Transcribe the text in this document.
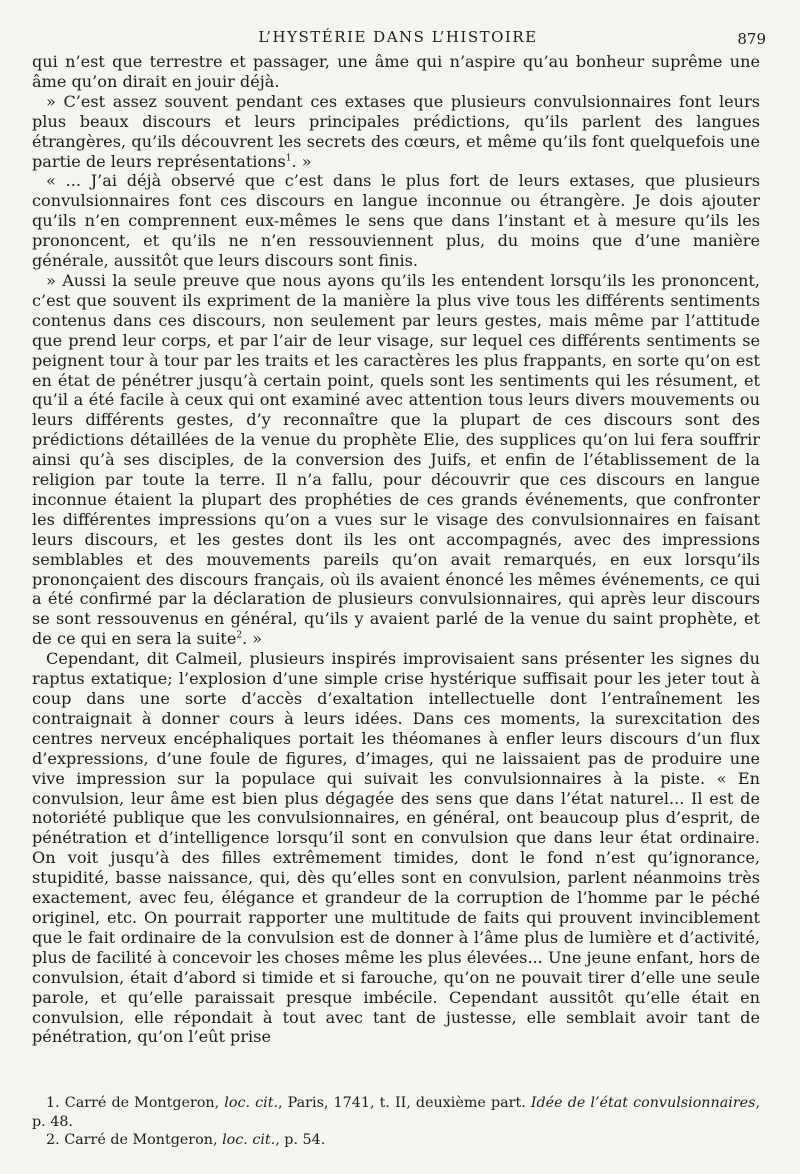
L’HYSTÉRIE DANS L’HISTOIRE	879

qui n’est que terrestre et passager, une âme qui n’aspire qu’au bonheur suprême une âme qu’on dirait en jouir déjà.

» C’est assez souvent pendant ces extases que plusieurs convulsionnaires font leurs plus beaux discours et leurs principales prédictions, qu’ils parlent des langues étrangères, qu’ils découvrent les secrets des cœurs, et même qu’ils font quelquefois une partie de leurs représentations$^1$. »

« ... J’ai déjà observé que c’est dans le plus fort de leurs extases, que plusieurs convulsionnaires font ces discours en langue inconnue ou étrangère. Je dois ajouter qu’ils n’en comprennent eux-mêmes le sens que dans l’instant et à mesure qu’ils les prononcent, et qu’ils ne n’en ressouviennent plus, du moins que d’une manière générale, aussitôt que leurs discours sont finis.

» Aussi la seule preuve que nous ayons qu’ils les entendent lorsqu’ils les prononcent, c’est que souvent ils expriment de la manière la plus vive tous les différents sentiments contenus dans ces discours, non seulement par leurs gestes, mais même par l’attitude que prend leur corps, et par l’air de leur visage, sur lequel ces différents sentiments se peignent tour à tour par les traits et les caractères les plus frappants, en sorte qu’on est en état de pénétrer jusqu’à certain point, quels sont les sentiments qui les résument, et qu’il a été facile à ceux qui ont examiné avec attention tous leurs divers mouvements ou leurs différents gestes, d’y reconnaître que la plupart de ces discours sont des prédictions détaillées de la venue du prophète Elie, des supplices qu’on lui fera souffrir ainsi qu’à ses disciples, de la conversion des Juifs, et enfin de l’établissement de la religion par toute la terre. Il n’a fallu, pour découvrir que ces discours en langue inconnue étaient la plupart des prophéties de ces grands événements, que confronter les différentes impressions qu’on a vues sur le visage des convulsionnaires en faisant leurs discours, et les gestes dont ils les ont accompagnés, avec des impressions semblables et des mouvements pareils qu’on avait remarqués, en eux lorsqu’ils prononçaient des discours français, où ils avaient énoncé les mêmes événements, ce qui a été confirmé par la déclaration de plusieurs convulsionnaires, qui après leur discours se sont ressouvenus en général, qu’ils y avaient parlé de la venue du saint prophète, et de ce qui en sera la suite$^2$. »

Cependant, dit Calmeil, plusieurs inspirés improvisaient sans présenter les signes du raptus extatique; l’explosion d’une simple crise hystérique suffisait pour les jeter tout à coup dans une sorte d’accès d’exaltation intellectuelle dont l’entraînement les contraignait à donner cours à leurs idées. Dans ces moments, la surexcitation des centres nerveux encéphaliques portait les théomanes à enfler leurs discours d’un flux d’expressions, d’une foule de figures, d’images, qui ne laissaient pas de produire une vive impression sur la populace qui suivait les convulsionnaires à la piste. « En convulsion, leur âme est bien plus dégagée des sens que dans l’état naturel... Il est de notoriété publique que les convulsionnaires, en général, ont beaucoup plus d’esprit, de pénétration et d’intelligence lorsqu’il sont en convulsion que dans leur état ordinaire. On voit jusqu’à des filles extrêmement timides, dont le fond n’est qu’ignorance, stupidité, basse naissance, qui, dès qu’elles sont en convulsion, parlent néanmoins très exactement, avec feu, élégance et grandeur de la corruption de l’homme par le péché originel, etc. On pourrait rapporter une multitude de faits qui prouvent invinciblement que le fait ordinaire de la convulsion est de donner à l’âme plus de lumière et d’activité, plus de facilité à concevoir les choses même les plus élevées... Une jeune enfant, hors de convulsion, était d’abord si timide et si farouche, qu’on ne pouvait tirer d’elle une seule parole, et qu’elle paraissait presque imbécile. Cependant aussitôt qu’elle était en convulsion, elle répondait à tout avec tant de justesse, elle semblait avoir tant de pénétration, qu’on l’eût prise

1. Carré de Montgeron, loc. cit., Paris, 1741, t. II, deuxième part. Idée de l’état convulsionnaires, p. 48.

2. Carré de Montgeron, loc. cit., p. 54.
